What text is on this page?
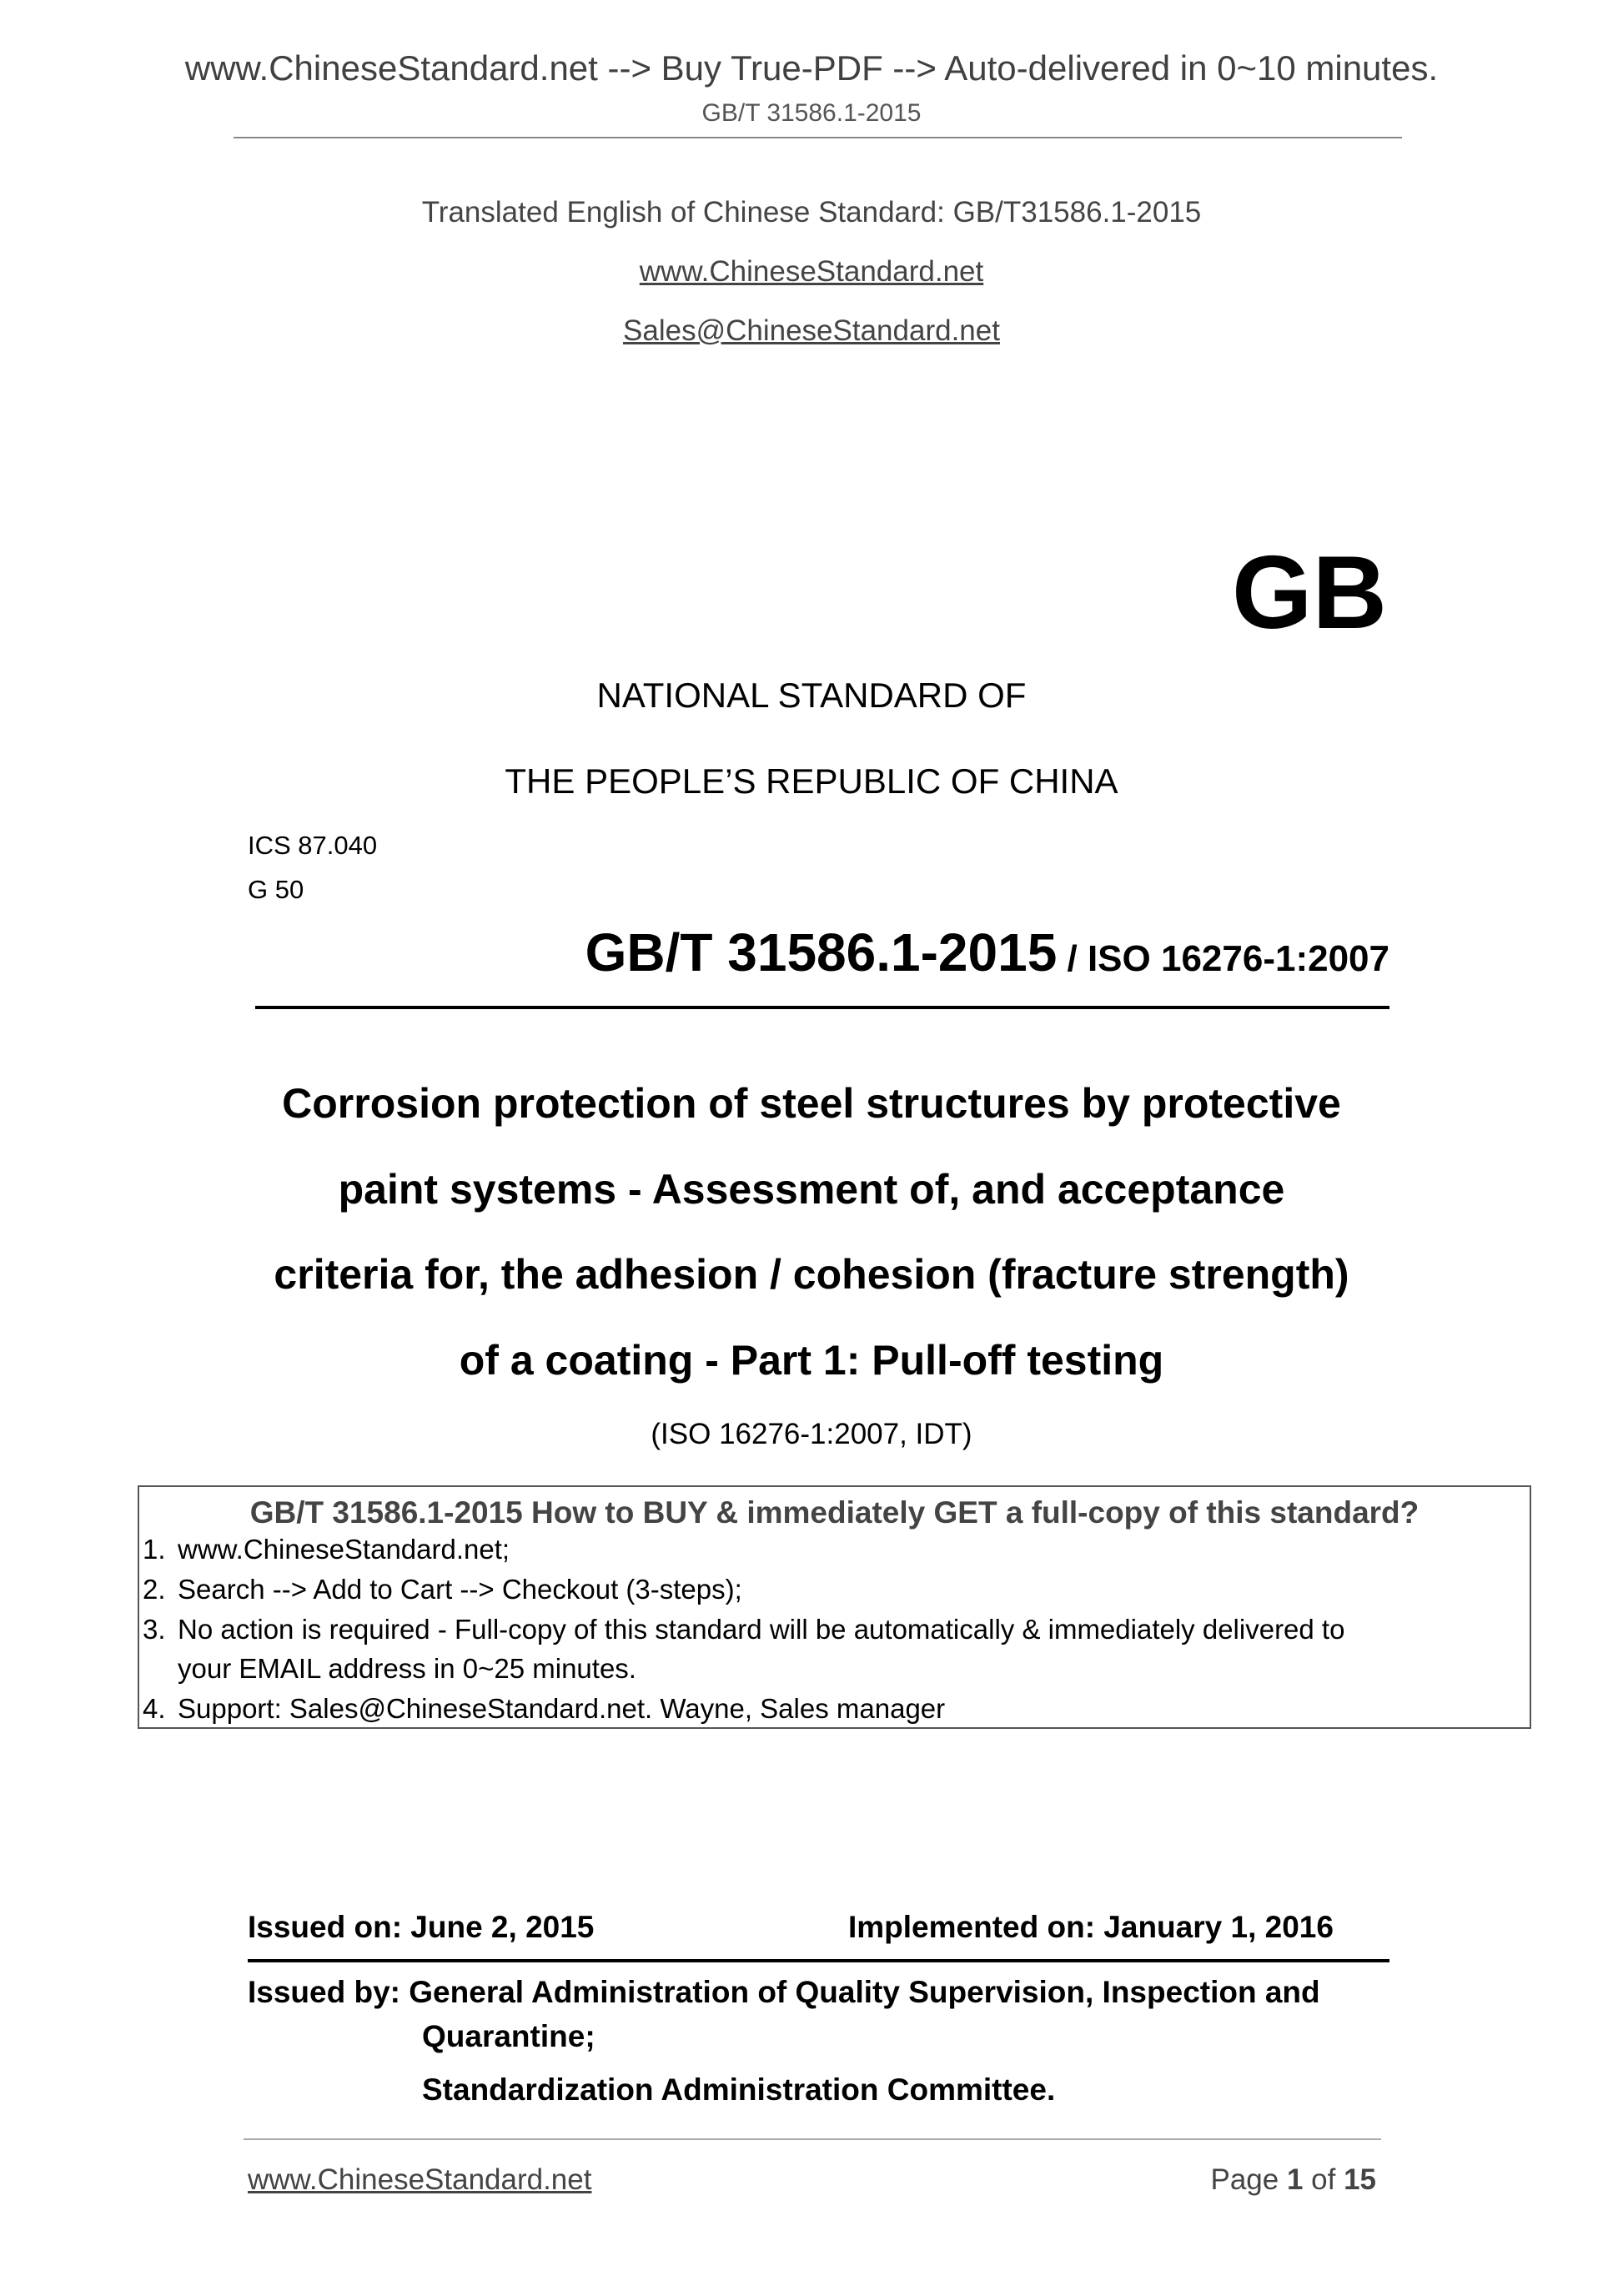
www.ChineseStandard.net --> Buy True-PDF --> Auto-delivered in 0~10 minutes.
GB/T 31586.1-2015
Translated English of Chinese Standard: GB/T31586.1-2015
www.ChineseStandard.net
Sales@ChineseStandard.net
GB
NATIONAL STANDARD OF
THE PEOPLE’S REPUBLIC OF CHINA
ICS 87.040
G 50
GB/T 31586.1-2015 / ISO 16276-1:2007
Corrosion protection of steel structures by protective
paint systems - Assessment of, and acceptance
criteria for, the adhesion / cohesion (fracture strength)
of a coating - Part 1: Pull-off testing
(ISO 16276-1:2007, IDT)
GB/T 31586.1-2015 How to BUY & immediately GET a full-copy of this standard?
1. www.ChineseStandard.net;
2. Search --> Add to Cart --> Checkout (3-steps);
3. No action is required - Full-copy of this standard will be automatically & immediately delivered to
your EMAIL address in 0~25 minutes.
4. Support: Sales@ChineseStandard.net. Wayne, Sales manager
Issued on: June 2, 2015	Implemented on: January 1, 2016
Issued by: General Administration of Quality Supervision, Inspection and
Quarantine;
Standardization Administration Committee.
www.ChineseStandard.net	Page 1 of 15
